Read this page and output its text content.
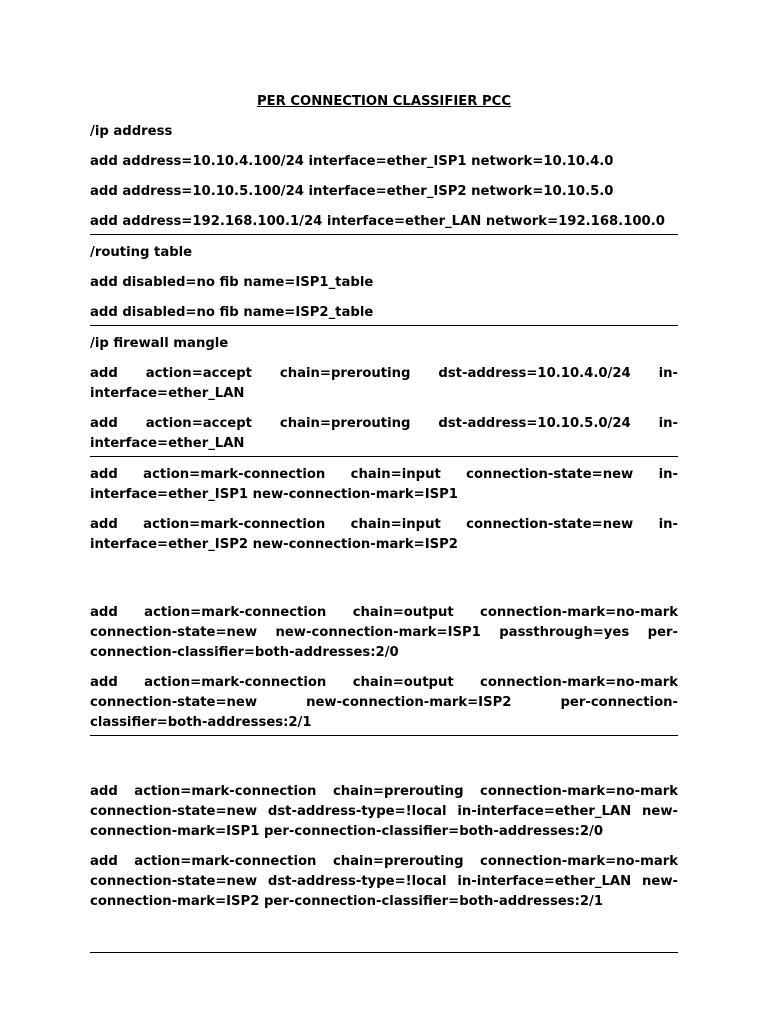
PER CONNECTION CLASSIFIER PCC
/ip address
add address=10.10.4.100/24 interface=ether_ISP1 network=10.10.4.0
add address=10.10.5.100/24 interface=ether_ISP2 network=10.10.5.0
add address=192.168.100.1/24 interface=ether_LAN network=192.168.100.0
/routing table
add disabled=no fib name=ISP1_table
add disabled=no fib name=ISP2_table
/ip firewall mangle
add action=accept chain=prerouting dst-address=10.10.4.0/24 in-interface=ether_LAN
add action=accept chain=prerouting dst-address=10.10.5.0/24 in-interface=ether_LAN
add action=mark-connection chain=input connection-state=new in-interface=ether_ISP1 new-connection-mark=ISP1
add action=mark-connection chain=input connection-state=new in-interface=ether_ISP2 new-connection-mark=ISP2
add action=mark-connection chain=output connection-mark=no-mark connection-state=new new-connection-mark=ISP1 passthrough=yes per-connection-classifier=both-addresses:2/0
add action=mark-connection chain=output connection-mark=no-mark connection-state=new new-connection-mark=ISP2 per-connection-classifier=both-addresses:2/1
add action=mark-connection chain=prerouting connection-mark=no-mark connection-state=new dst-address-type=!local in-interface=ether_LAN new-connection-mark=ISP1 per-connection-classifier=both-addresses:2/0
add action=mark-connection chain=prerouting connection-mark=no-mark connection-state=new dst-address-type=!local in-interface=ether_LAN new-connection-mark=ISP2 per-connection-classifier=both-addresses:2/1
